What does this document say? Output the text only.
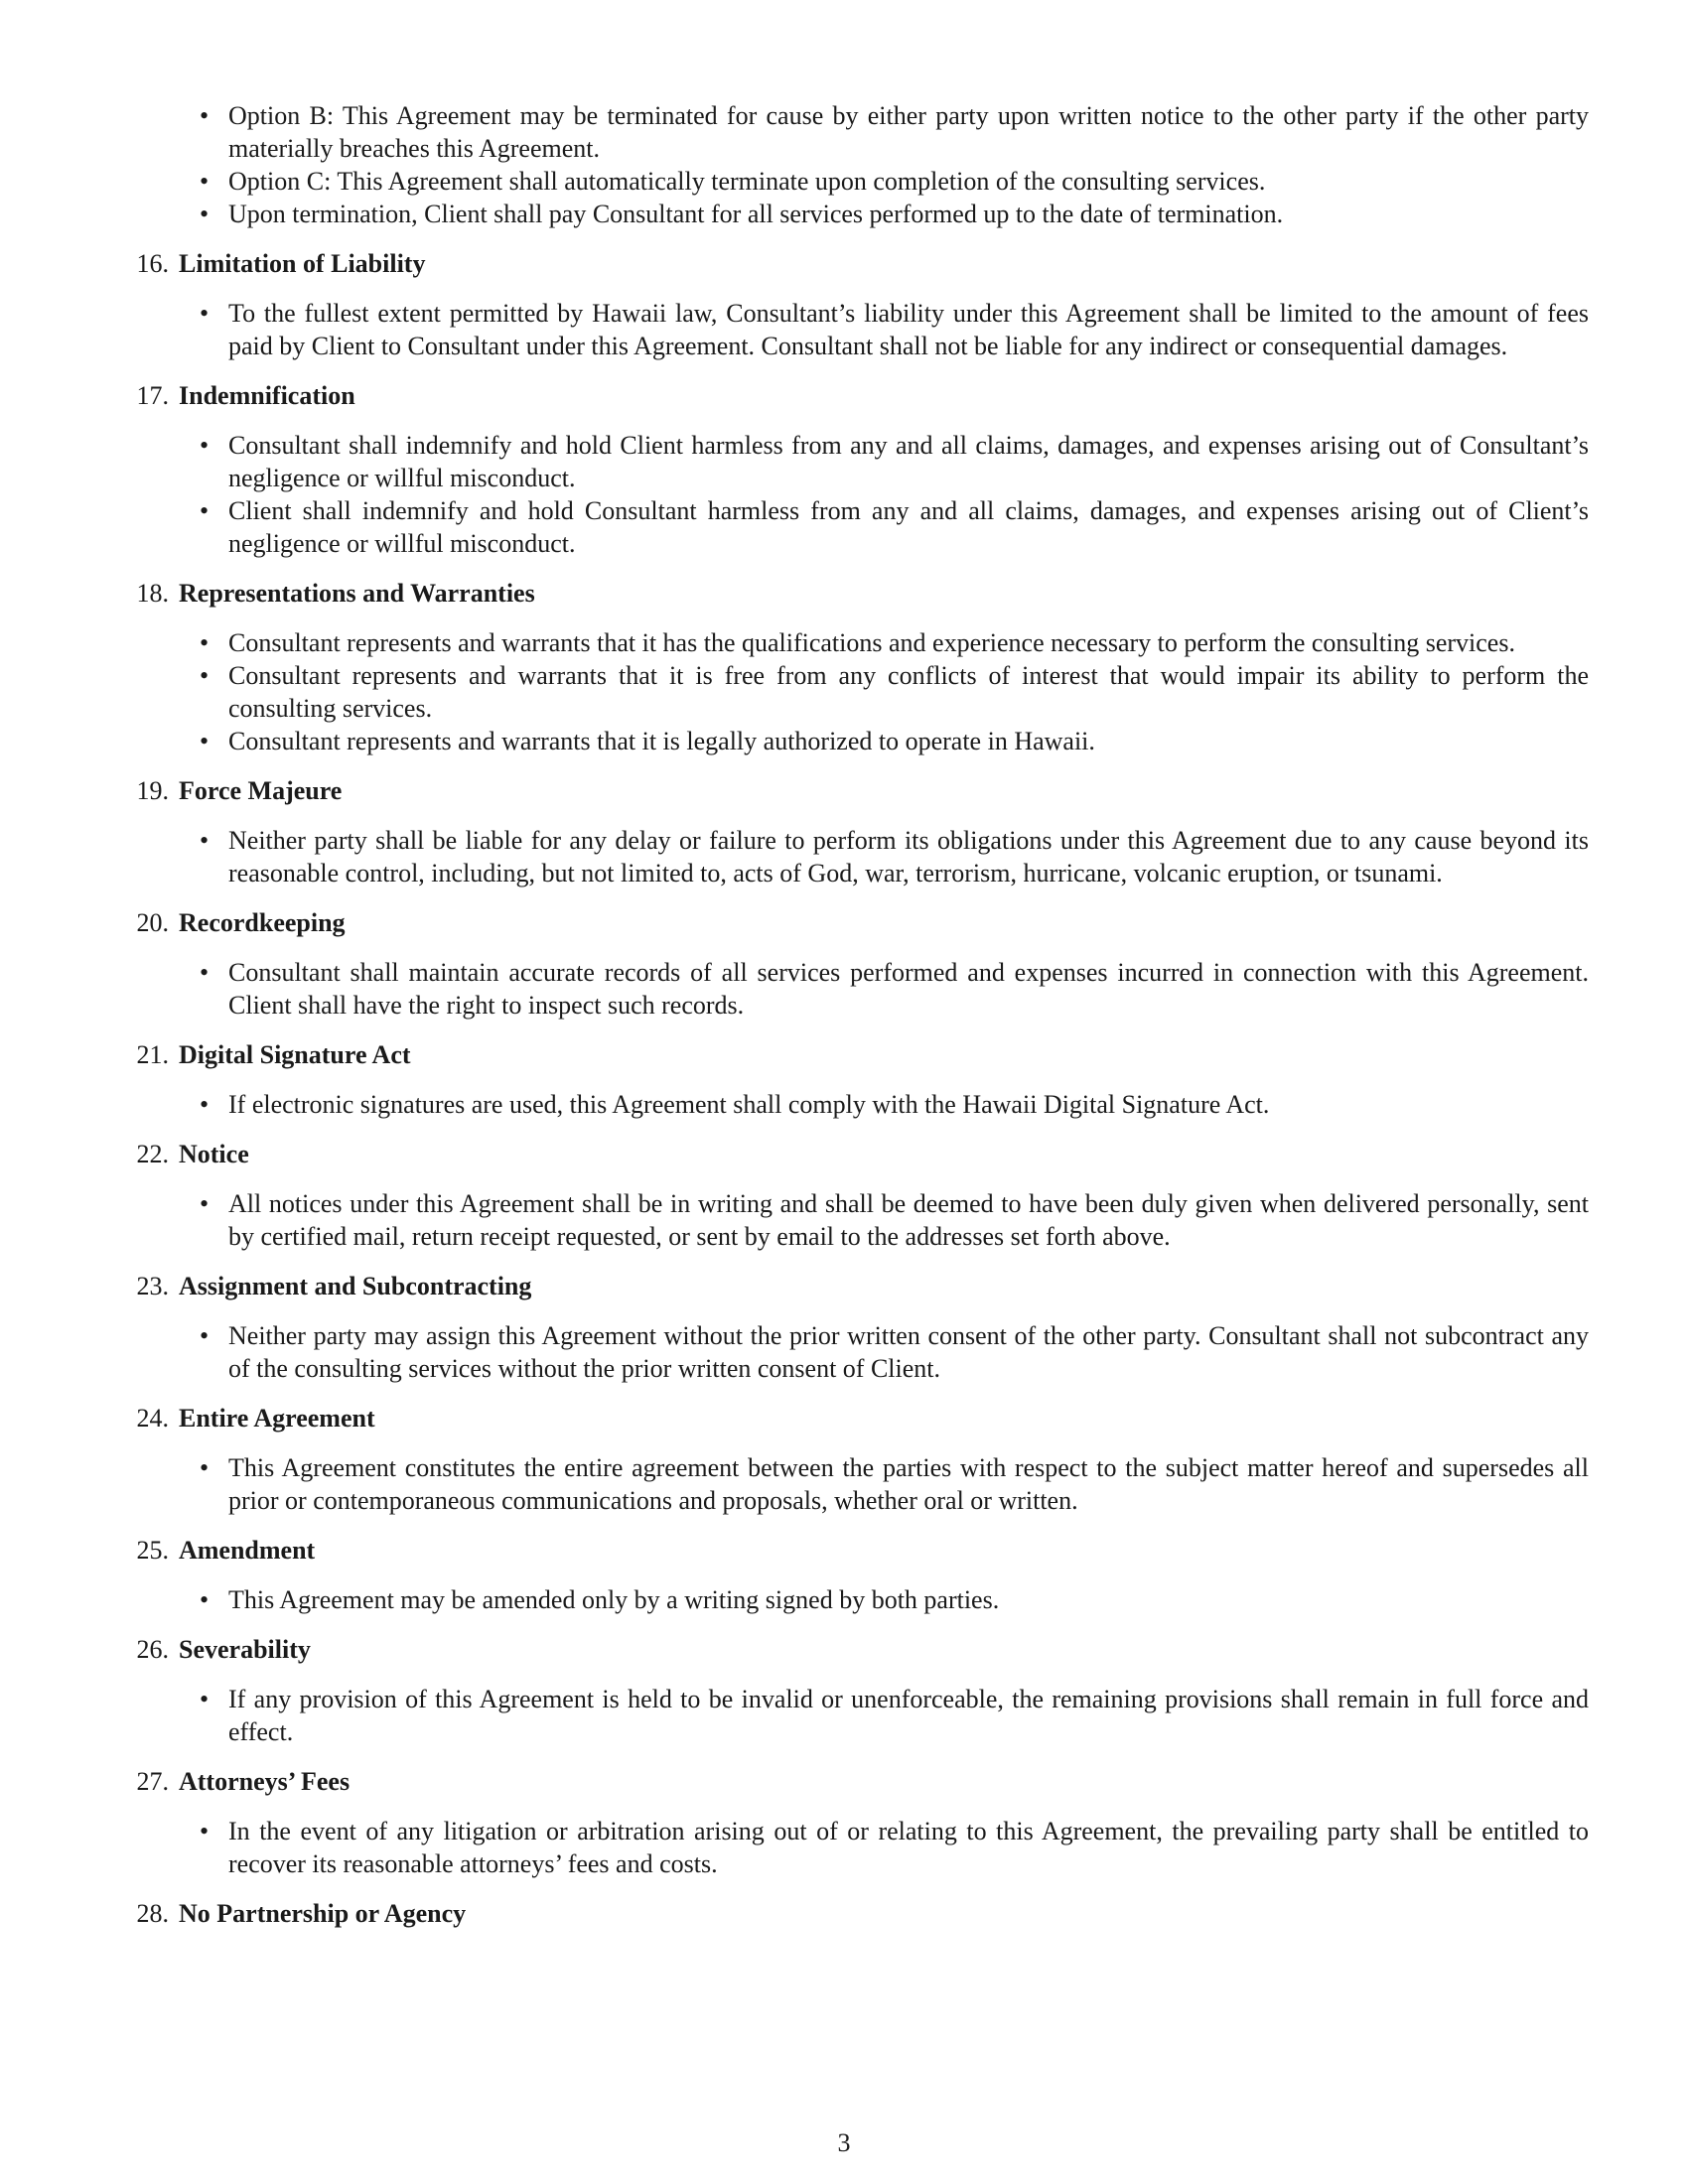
• Option B: This Agreement may be terminated for cause by either party upon written notice to the other party if the other party materially breaches this Agreement.
• Option C: This Agreement shall automatically terminate upon completion of the consulting services.
• Upon termination, Client shall pay Consultant for all services performed up to the date of termination.
16. Limitation of Liability
• To the fullest extent permitted by Hawaii law, Consultant’s liability under this Agreement shall be limited to the amount of fees paid by Client to Consultant under this Agreement. Consultant shall not be liable for any indirect or consequential damages.
17. Indemnification
• Consultant shall indemnify and hold Client harmless from any and all claims, damages, and expenses arising out of Consultant’s negligence or willful misconduct.
• Client shall indemnify and hold Consultant harmless from any and all claims, damages, and expenses arising out of Client’s negligence or willful misconduct.
18. Representations and Warranties
• Consultant represents and warrants that it has the qualifications and experience necessary to perform the consulting services.
• Consultant represents and warrants that it is free from any conflicts of interest that would impair its ability to perform the consulting services.
• Consultant represents and warrants that it is legally authorized to operate in Hawaii.
19. Force Majeure
• Neither party shall be liable for any delay or failure to perform its obligations under this Agreement due to any cause beyond its reasonable control, including, but not limited to, acts of God, war, terrorism, hurricane, volcanic eruption, or tsunami.
20. Recordkeeping
• Consultant shall maintain accurate records of all services performed and expenses incurred in connection with this Agreement. Client shall have the right to inspect such records.
21. Digital Signature Act
• If electronic signatures are used, this Agreement shall comply with the Hawaii Digital Signature Act.
22. Notice
• All notices under this Agreement shall be in writing and shall be deemed to have been duly given when delivered personally, sent by certified mail, return receipt requested, or sent by email to the addresses set forth above.
23. Assignment and Subcontracting
• Neither party may assign this Agreement without the prior written consent of the other party. Consultant shall not subcontract any of the consulting services without the prior written consent of Client.
24. Entire Agreement
• This Agreement constitutes the entire agreement between the parties with respect to the subject matter hereof and supersedes all prior or contemporaneous communications and proposals, whether oral or written.
25. Amendment
• This Agreement may be amended only by a writing signed by both parties.
26. Severability
• If any provision of this Agreement is held to be invalid or unenforceable, the remaining provisions shall remain in full force and effect.
27. Attorneys’ Fees
• In the event of any litigation or arbitration arising out of or relating to this Agreement, the prevailing party shall be entitled to recover its reasonable attorneys’ fees and costs.
28. No Partnership or Agency
3
